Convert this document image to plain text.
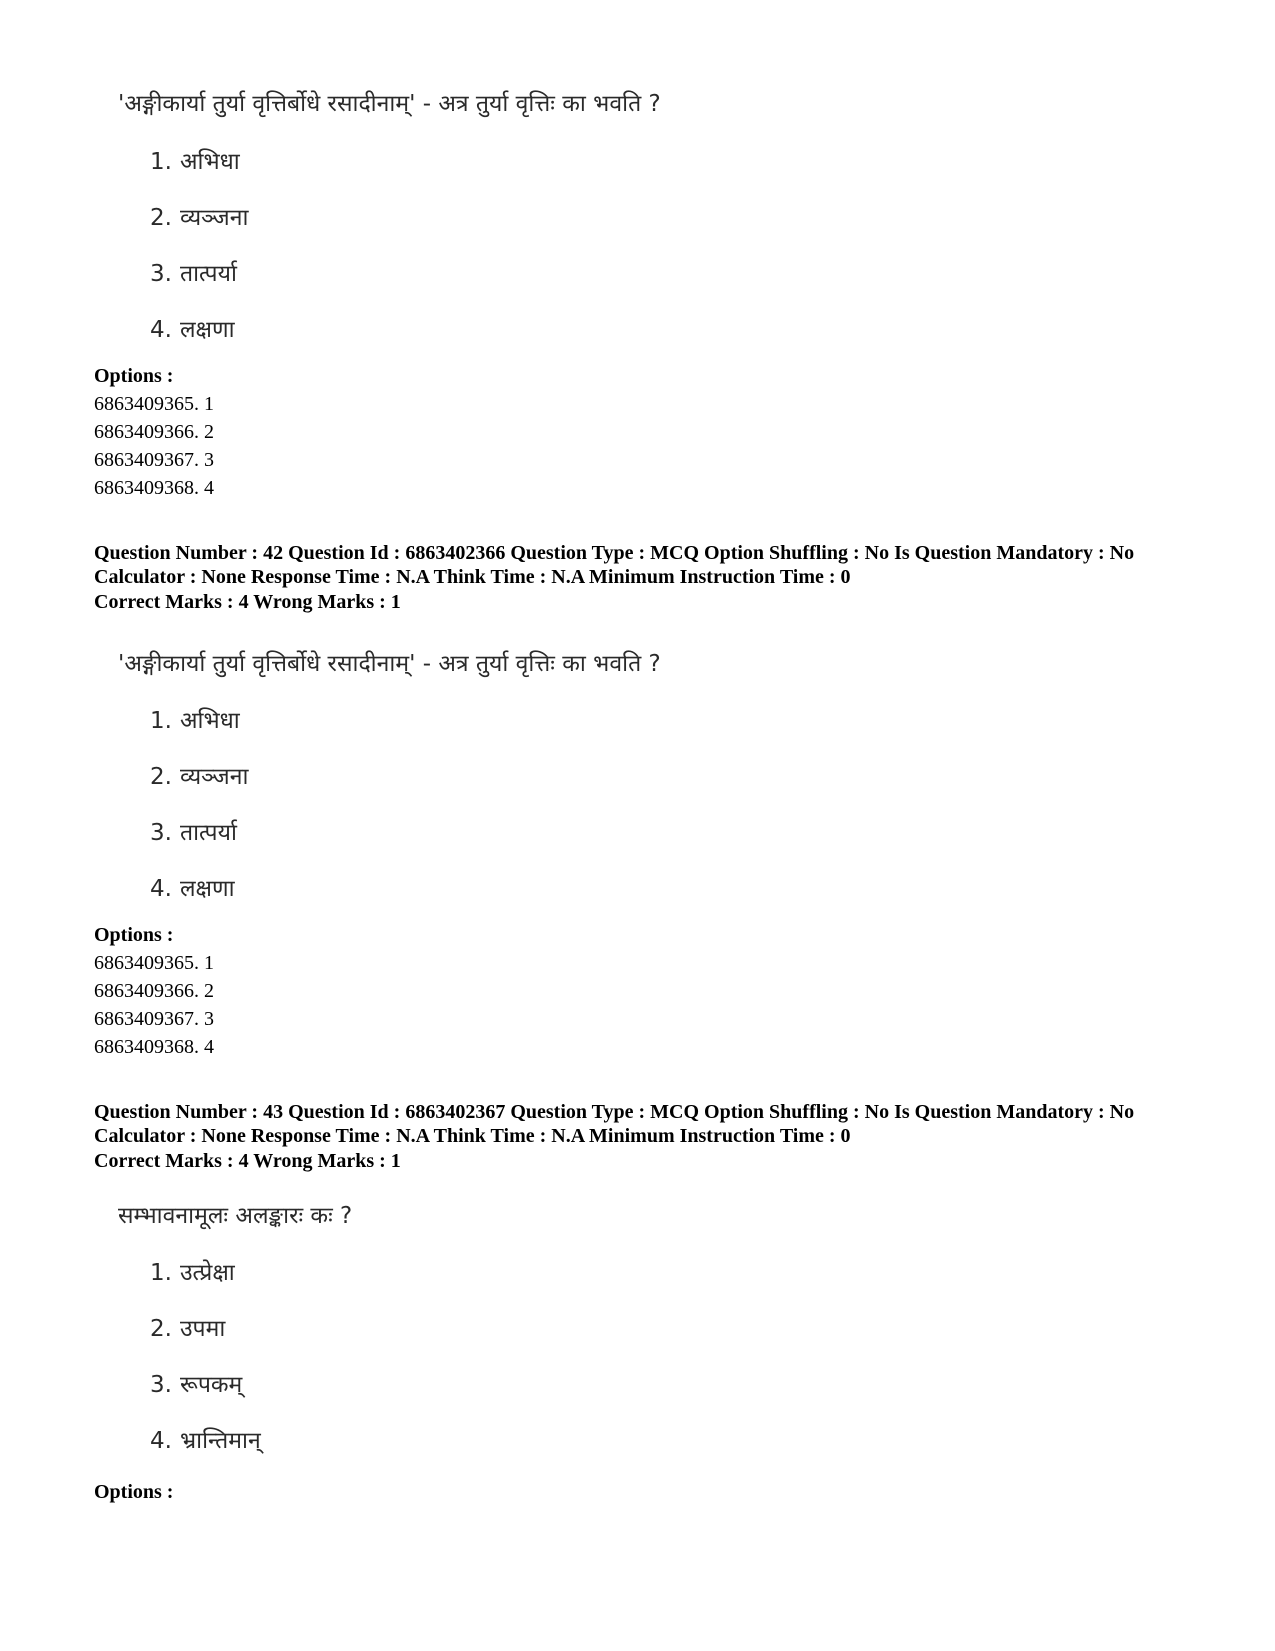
'अङ्गीकार्या तुर्या वृत्तिर्बोधे रसादीनाम्' - अत्र तुर्या वृत्तिः का भवति ?
1. अभिधा
2. व्यञ्जना
3. तात्पर्या
4. लक्षणा
Options :
6863409365. 1
6863409366. 2
6863409367. 3
6863409368. 4
Question Number : 42 Question Id : 6863402366 Question Type : MCQ Option Shuffling : No Is Question Mandatory : No Calculator : None Response Time : N.A Think Time : N.A Minimum Instruction Time : 0
Correct Marks : 4 Wrong Marks : 1
'अङ्गीकार्या तुर्या वृत्तिर्बोधे रसादीनाम्' - अत्र तुर्या वृत्तिः का भवति ?
1. अभिधा
2. व्यञ्जना
3. तात्पर्या
4. लक्षणा
Options :
6863409365. 1
6863409366. 2
6863409367. 3
6863409368. 4
Question Number : 43 Question Id : 6863402367 Question Type : MCQ Option Shuffling : No Is Question Mandatory : No Calculator : None Response Time : N.A Think Time : N.A Minimum Instruction Time : 0
Correct Marks : 4 Wrong Marks : 1
सम्भावनामूलः अलङ्कारः कः ?
1. उत्प्रेक्षा
2. उपमा
3. रूपकम्
4. भ्रान्तिमान्
Options :
